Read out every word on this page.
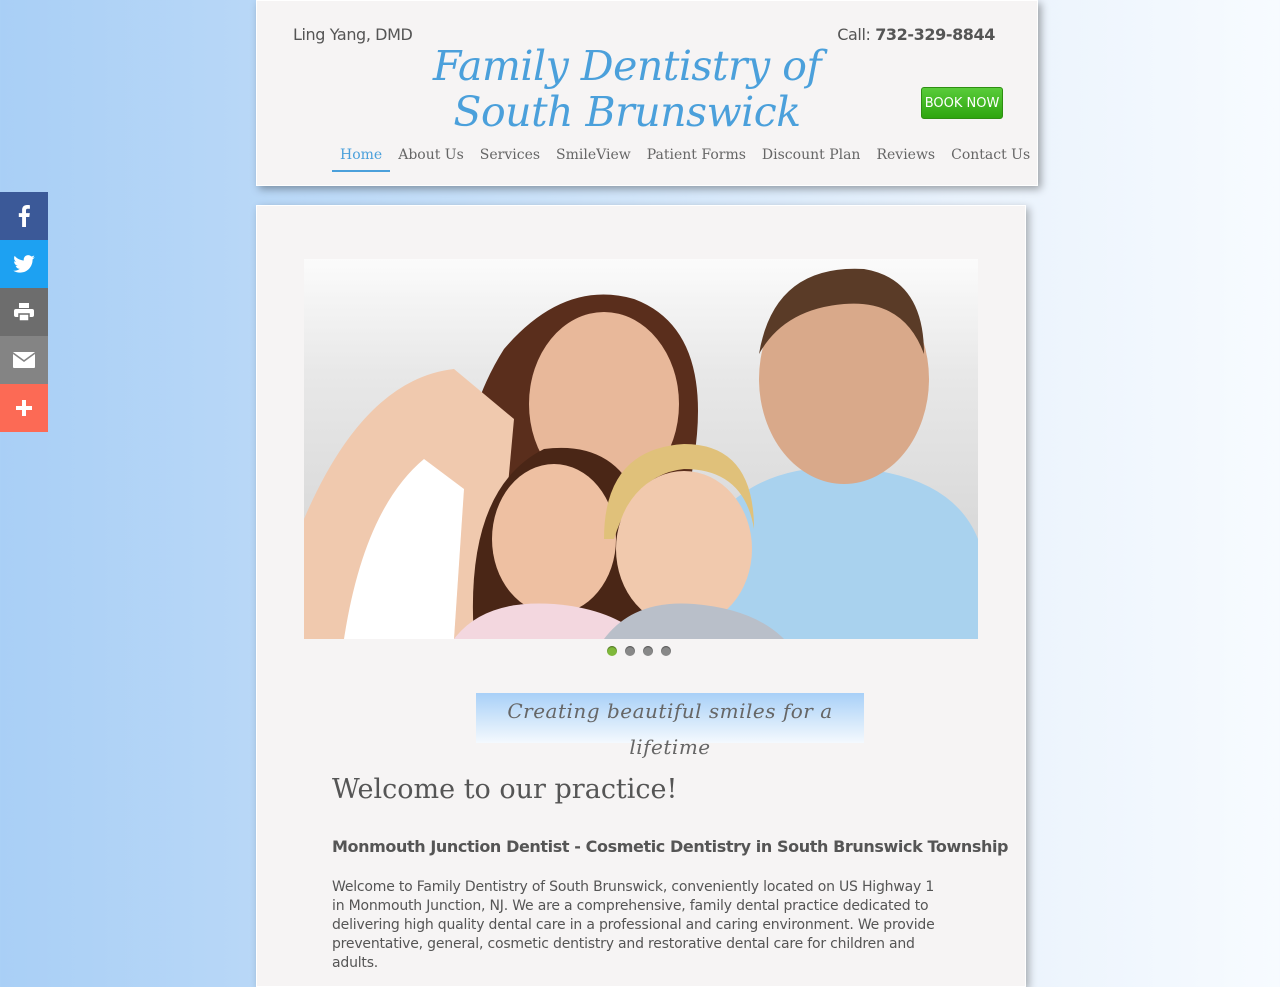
Ling Yang, DMD	Call: 732-329-8844
Family Dentistry of South Brunswick	BOOK NOW
Home	About Us	Services	SmileView	Patient Forms	Discount Plan	Reviews	Contact Us
Creating beautiful smiles for a lifetime
Welcome to our practice!
Monmouth Junction Dentist - Cosmetic Dentistry in South Brunswick Township
Welcome to Family Dentistry of South Brunswick, conveniently located on US Highway 1 in Monmouth Junction, NJ. We are a comprehensive, family dental practice dedicated to delivering high quality dental care in a professional and caring environment. We provide preventative, general, cosmetic dentistry and restorative dental care for children and adults.
